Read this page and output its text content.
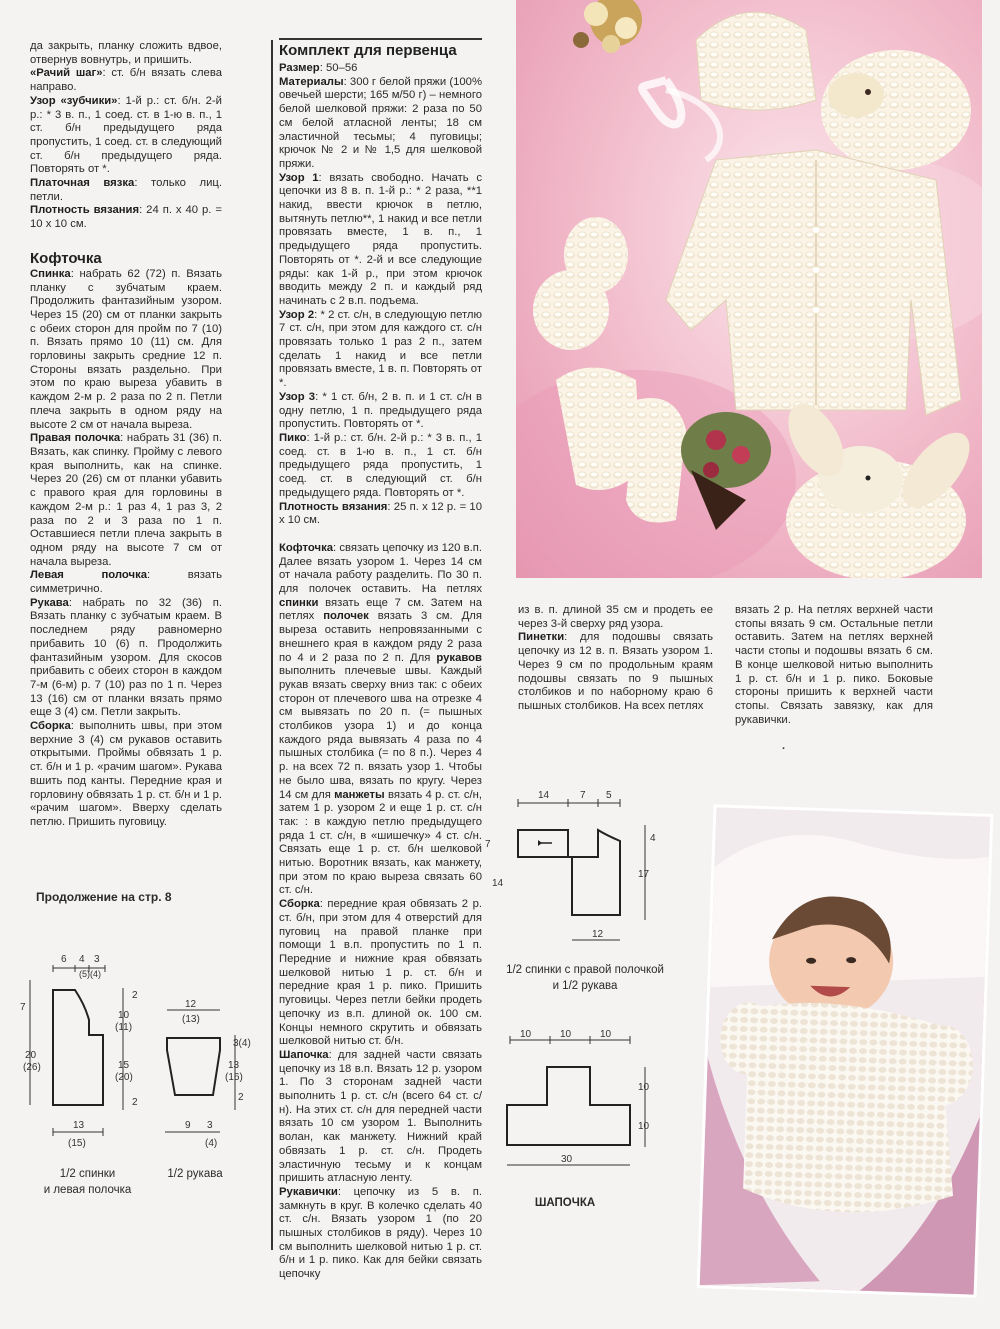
да закрыть, планку сложить вдвое, отвернув вовнутрь, и пришить.

«Рачий шаг»: ст. б/н вязать слева направо.

Узор «зубчики»: 1-й р.: ст. б/н. 2-й р.: * 3 в. п., 1 соед. ст. в 1-ю в. п., 1 ст. б/н предыдущего ряда пропустить, 1 соед. ст. в следующий ст. б/н предыдущего ряда. Повторять от *.

Платочная вязка: только лиц. петли.

Плотность вязания: 24 п. х 40 р. = 10 х 10 см.

Кофточка

Спинка: набрать 62 (72) п. Вязать планку с зубчатым краем. Продолжить фантазийным узором. Через 15 (20) см от планки закрыть с обеих сторон для пройм по 7 (10) п. Вязать прямо 10 (11) см. Для горловины закрыть средние 12 п. Стороны вязать раздельно. При этом по краю выреза убавить в каждом 2-м р. 2 раза по 2 п. Петли плеча закрыть в одном ряду на высоте 2 см от начала выреза.

Правая полочка: набрать 31 (36) п. Вязать, как спинку. Пройму с левого края выполнить, как на спинке. Через 20 (26) см от планки убавить с правого края для горловины в каждом 2-м р.: 1 раз 4, 1 раз 3, 2 раза по 2 и 3 раза по 1 п. Оставшиеся петли плеча закрыть в одном ряду на высоте 7 см от начала выреза.

Левая полочка: вязать симметрично.

Рукава: набрать по 32 (36) п. Вязать планку с зубчатым краем. В последнем ряду равномерно прибавить 10 (6) п. Продолжить фантазийным узором. Для скосов прибавить с обеих сторон в каждом 7-м (6-м) р. 7 (10) раз по 1 п. Через 13 (16) см от планки вязать прямо еще 3 (4) см. Петли закрыть.

Сборка: выполнить швы, при этом верхние 3 (4) см рукавов оставить открытыми. Проймы обвязать 1 р. ст. б/н и 1 р. «рачим шагом». Рукава вшить под канты. Передние края и горловину обвязать 1 р. ст. б/н и 1 р. «рачим шагом». Вверху сделать петлю. Пришить пуговицу.

Продолжение на стр. 8
Комплект для первенца

Размер: 50–56

Материалы: 300 г белой пряжи (100% овечьей шерсти; 165 м/50 г) – немного белой шелковой пряжи: 2 раза по 50 см белой атласной ленты; 18 см эластичной тесьмы; 4 пуговицы; крючок № 2 и № 1,5 для шелковой пряжи.

Узор 1: вязать свободно. Начать с цепочки из 8 в. п. 1-й р.: * 2 раза, **1 накид, ввести крючок в петлю, вытянуть петлю**, 1 накид и все петли провязать вместе, 1 в. п., 1 предыдущего ряда пропустить. Повторять от *. 2-й и все следующие ряды: как 1-й р., при этом крючок вводить между 2 п. и каждый ряд начинать с 2 в.п. подъема.

Узор 2: * 2 ст. с/н, в следующую петлю 7 ст. с/н, при этом для каждого ст. с/н провязать только 1 раз 2 п., затем сделать 1 накид и все петли провязать вместе, 1 в. п. Повторять от *.

Узор 3: * 1 ст. б/н, 2 в. п. и 1 ст. с/н в одну петлю, 1 п. предыдущего ряда пропустить. Повторять от *.

Пико: 1-й р.: ст. б/н. 2-й р.: * 3 в. п., 1 соед. ст. в 1-ю в. п., 1 ст. б/н предыдущего ряда пропустить, 1 соед. ст. в следующий ст. б/н предыдущего ряда. Повторять от *.

Плотность вязания: 25 п. х 12 р. = 10 х 10 см.

Кофточка: связать цепочку из 120 в.п. Далее вязать узором 1. Через 14 см от начала работу разделить. По 30 п. для полочек оставить. На петлях спинки вязать еще 7 см. Затем на петлях полочек вязать 3 см. Для выреза оставить непровязанными с внешнего края в каждом ряду 2 раза по 4 и 2 раза по 2 п. Для рукавов выполнить плечевые швы. Каждый рукав вязать сверху вниз так: с обеих сторон от плечевого шва на отрезке 4 см вывязать по 20 п. (= пышных столбиков узора 1) и до конца каждого ряда вывязать 4 раза по 4 пышных столбика (= по 8 п.). Через 4 р. на всех 72 п. вязать узор 1. Чтобы не было шва, вязать по кругу. Через 14 см для манжеты вязать 4 р. ст. с/н, затем 1 р. узором 2 и еще 1 р. ст. с/н так: : в каждую петлю предыдущего ряда 1 ст. с/н, в «шишечку» 4 ст. с/н. Связать еще 1 р. ст. б/н шелковой нитью. Воротник вязать, как манжету, при этом по краю выреза связать 60 ст. с/н.

Сборка: передние края обвязать 2 р. ст. б/н, при этом для 4 отверстий для пуговиц на правой планке при помощи 1 в.п. пропустить по 1 п. Передние и нижние края обвязать шелковой нитью 1 р. ст. б/н и передние края 1 р. пико. Пришить пуговицы. Через петли бейки продеть цепочку из в.п. длиной ок. 100 см. Концы немного скрутить и обвязать шелковой нитью ст. б/н.

Шапочка: для задней части связать цепочку из 18 в.п. Вязать 12 р. узором 1. По 3 сторонам задней части выполнить 1 р. ст. с/н (всего 64 ст. с/н). На этих ст. с/н для передней части вязать 10 см узором 1. Выполнить волан, как манжету. Нижний край обвязать 1 р. ст. с/н. Продеть эластичную тесьму и к концам пришить атласную ленту.

Рукавички: цепочку из 5 в. п. замкнуть в круг. В колечко сделать 40 ст. с/н. Вязать узором 1 (по 20 пышных столбиков в ряду). Через 10 см выполнить шелковой нитью 1 р. ст. б/н и 1 р. пико. Как для бейки связать цепочку

из в. п. длиной 35 см и продеть ее через 3-й сверху ряд узора.

Пинетки: для подошвы связать цепочку из 12 в. п. Вязать узором 1. Через 9 см по продольным краям подошвы связать по 9 пышных столбиков и по наборному краю 6 пышных столбиков. На всех петлях

вязать 2 р. На петлях верхней части стопы вязать 9 см. Остальные петли оставить. Затем на петлях верхней части стопы и подошвы вязать 6 см. В конце шелковой нитью выполнить 1 р. ст. б/н и 1 р. пико. Боковые стороны пришить к верхней части стопы. Связать завязку, как для рукавички.

.
6 4 3
(5)(4)
7
20
(26)
2
10
(11)
15
(20)
2
13
(15)
12
(13)
3(4)
13
(16)
2
9 3
(4)
1/2 спинки
и левая полочка
1/2 рукава
14	7 5
4
7
14
17
12
1/2 спинки с правой полочкой
и 1/2 рукава
10	10	10
10
10
30
ШАПОЧКА
